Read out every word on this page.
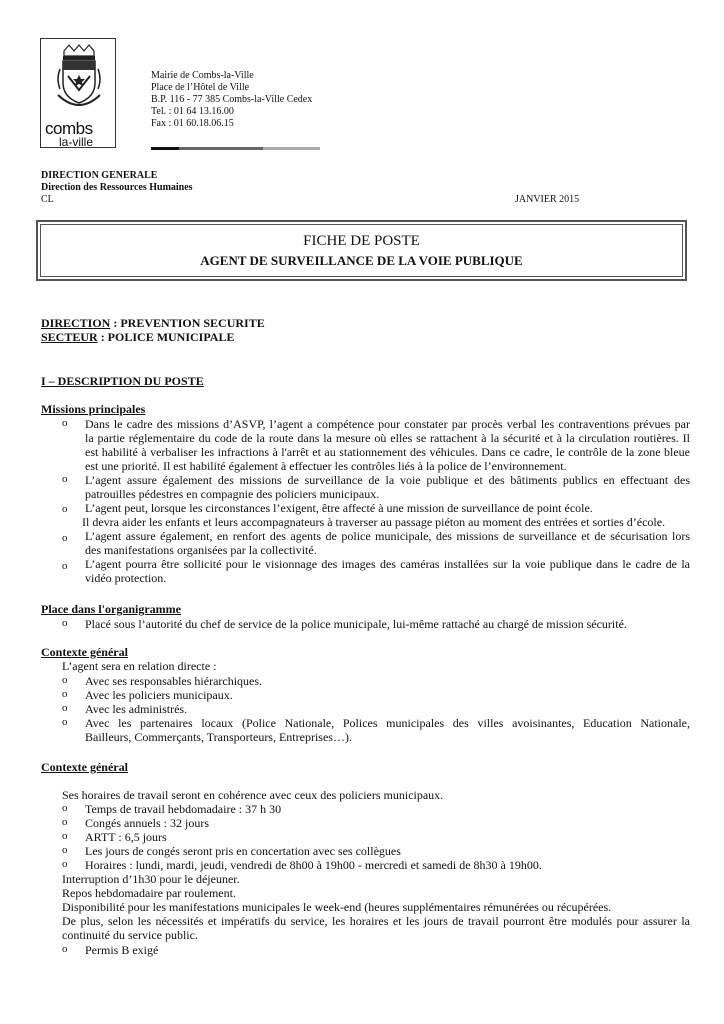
combs
la-ville
Mairie de Combs-la-Ville
Place de l’Hôtel de Ville
B.P. 116 - 77 385 Combs-la-Ville Cedex
Tel. : 01 64 13.16.00
Fax : 01 60.18.06.15
DIRECTION GENERALE
Direction des Ressources Humaines
CL	JANVIER 2015
FICHE DE POSTE
AGENT DE SURVEILLANCE DE LA VOIE PUBLIQUE
DIRECTION : PREVENTION SECURITE
SECTEUR : POLICE MUNICIPALE
I – DESCRIPTION DU POSTE
Missions principales
o
o
o
o
o
Dans le cadre des missions d’ASVP, l’agent a compétence pour constater par procès verbal les contraventions prévues par
la partie réglementaire du code de la route dans la mesure où elles se rattachent à la sécurité et à la circulation routières. Il
est habilité à verbaliser les infractions à l'arrêt et au stationnement des véhicules. Dans ce cadre, le contrôle de la zone bleue
est une priorité. Il est habilité également à effectuer les contrôles liés à la police de l’environnement.
L’agent assure également des missions de surveillance de la voie publique et des bâtiments publics en effectuant des
patrouilles pédestres en compagnie des policiers municipaux.
L’agent peut, lorsque les circonstances l’exigent, être affecté à une mission de surveillance de point école.
Il devra aider les enfants et leurs accompagnateurs à traverser au passage piéton au moment des entrées et sorties d’école.
L’agent assure également, en renfort des agents de police municipale, des missions de surveillance et de sécurisation lors
des manifestations organisées par la collectivité.
L’agent pourra être sollicité pour le visionnage des images des caméras installées sur la voie publique dans le cadre de la
vidéo protection.
Place dans l'organigramme
o Placé sous l’autorité du chef de service de la police municipale, lui-même rattaché au chargé de mission sécurité.
Contexte général
L’agent sera en relation directe :
o
o
o
o
Avec ses responsables hiérarchiques.
Avec les policiers municipaux.
Avec les administrés.
Avec les partenaires locaux (Police Nationale, Polices municipales des villes avoisinantes, Education Nationale,
Bailleurs, Commerçants, Transporteurs, Entreprises…).
Contexte général
Ses horaires de travail seront en cohérence avec ceux des policiers municipaux.
o
o
o
o
o
Temps de travail hebdomadaire : 37 h 30
Congés annuels : 32 jours
ARTT : 6,5 jours
Les jours de congés seront pris en concertation avec ses collègues
Horaires : lundi, mardi, jeudi, vendredi de 8h00 à 19h00 - mercredi et samedi de 8h30 à 19h00.
Interruption d’1h30 pour le déjeuner.
Repos hebdomadaire par roulement.
Disponibilité pour les manifestations municipales le week-end (heures supplémentaires rémunérées ou récupérées.
De plus, selon les nécessités et impératifs du service, les horaires et les jours de travail pourront être modulés pour assurer la
continuité du service public.
o Permis B exigé
